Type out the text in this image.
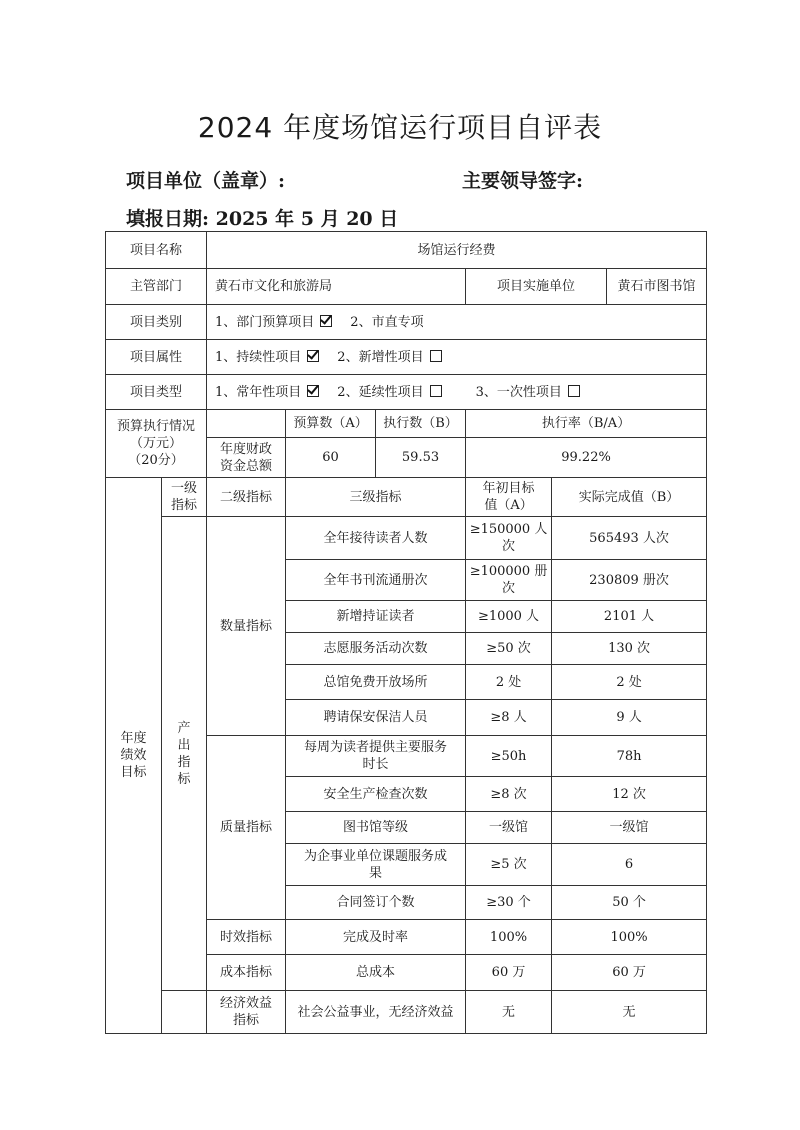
2024 年度场馆运行项目自评表
项目单位（盖章）:	主要领导签字:
填报日期: 2025 年 5 月 20 日
项目名称		场馆运行经费					
主管部门		黄石市文化和旅游局			项目实施单位		黄石市图书馆
项目类别		1、部门预算项目 2、市直专项					
项目属性		1、持续性项目 2、新增性项目					
项目类型		1、常年性项目 2、延续性项目 3、一次性项目					

预算执行情况
（万元）
（20分）			预算数（A）	执行数（B）	执行率（B/A）		
		年度财政资金总额	60	59.53	99.22%		
年度绩效目标	一级指标	二级指标	三级指标		年初目标值（A）	实际完成值（B）	
	产出指标	数量指标	全年接待读者人数		≥150000 人次	565493 人次	
			全年书刊流通册次		≥100000 册次	230809 册次	
			新增持证读者		≥1000 人	2101 人	
			志愿服务活动次数		≥50 次	130 次	
			总馆免费开放场所		2 处	2 处	
			聘请保安保洁人员		≥8 人	9 人	
		质量指标	每周为读者提供主要服务时长		≥50h	78h	
			安全生产检查次数		≥8 次	12 次	
			图书馆等级		一级馆	一级馆	
			为企事业单位课题服务成果		≥5 次	6	
			合同签订个数		≥30 个	50 个	
		时效指标	完成及时率		100%	100%	
		成本指标	总成本		60 万	60 万	
		经济效益指标	社会公益事业，无经济效益		无	无	
